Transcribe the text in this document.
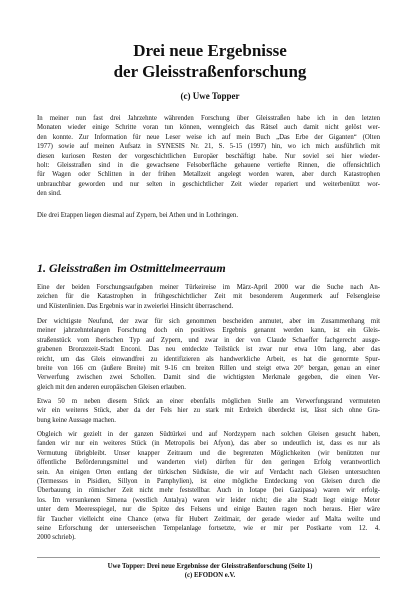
Drei neue Ergebnisse
der Gleisstraßenforschung
(c) Uwe Topper
In meiner nun fast drei Jahrzehnte währenden Forschung über Gleisstraßen habe ich in den letzten
Monaten wieder einige Schritte voran tun können, wenngleich das Rätsel auch damit nicht gelöst wer-
den konnte. Zur Information für neue Leser weise ich auf mein Buch „Das Erbe der Giganten“ (Olten
1977) sowie auf meinen Aufsatz in SYNESIS Nr. 21, S. 5-15 (1997) hin, wo ich mich ausführlich mit
diesen kuriosen Resten der vorgeschichtlichen Europäer beschäftigt habe. Nur soviel sei hier wieder-
holt: Gleisstraßen sind in die gewachsene Felsoberfläche gehauene vertiefte Rinnen, die offensichtlich
für Wagen oder Schlitten in der frühen Metallzeit angelegt worden waren, aber durch Katastrophen
unbrauchbar geworden und nur selten in geschichtlicher Zeit wieder repariert und weiterbenützt wor-
den sind.
Die drei Etappen liegen diesmal auf Zypern, bei Athen und in Lothringen.
1. Gleisstraßen im Ostmittelmeerraum
Eine der beiden Forschungsaufgaben meiner Türkeireise im März-April 2000 war die Suche nach An-
zeichen für die Katastrophen in frühgeschichtlicher Zeit mit besonderem Augenmerk auf Felsengleise
und Küstenlinien. Das Ergebnis war in zweierlei Hinsicht überraschend.
Der wichtigste Neufund, der zwar für sich genommen bescheiden anmutet, aber im Zusammenhang mit
meiner jahrzehntelangen Forschung doch ein positives Ergebnis genannt werden kann, ist ein Gleis-
straßenstück vom iberischen Typ auf Zypern, und zwar in der von Claude Schaeffer fachgerecht ausge-
grabenen Bronzezeit-Stadt Enconi. Das neu entdeckte Teilstück ist zwar nur etwa 10m lang, aber das
reicht, um das Gleis einwandfrei zu identifizieren als handwerkliche Arbeit, es hat die genormte Spur-
breite von 166 cm (äußere Breite) mit 9-16 cm breiten Rillen und steigt etwa 20° bergan, genau an einer
Verwerfung zwischen zwei Schollen. Damit sind die wichtigsten Merkmale gegeben, die einen Ver-
gleich mit den anderen europäischen Gleisen erlauben.
Etwa 50 m neben diesem Stück an einer ebenfalls möglichen Stelle am Verwerfungsrand vermuteten
wir ein weiteres Stück, aber da der Fels hier zu stark mit Erdreich überdeckt ist, lässt sich ohne Gra-
bung keine Aussage machen.
Obgleich wir gezielt in der ganzen Südtürkei und auf Nordzypern nach solchen Gleisen gesucht haben,
fanden wir nur ein weiteres Stück (in Metropolis bei Afyon), das aber so undeutlich ist, dass es nur als
Vermutung übrigbleibt. Unser knapper Zeitraum und die begrenzten Möglichkeiten (wir benützten nur
öffentliche Beförderungsmittel und wanderten viel) dürften für den geringen Erfolg verantwortlich
sein. An einigen Orten entlang der türkischen Südküste, die wir auf Verdacht nach Gleisen untersuchten
(Termessos in Pisidien, Sillyon in Pamphylien), ist eine mögliche Entdeckung von Gleisen durch die
Überbauung in römischer Zeit nicht mehr feststellbar. Auch in Iotape (bei Gazipasa) waren wir erfolg-
los. Im versunkenen Simena (westlich Antalya) waren wir leider nicht; die alte Stadt liegt einige Meter
unter dem Meeresspiegel, nur die Spitze des Felsens und einige Bauten ragen noch heraus. Hier wäre
für Taucher vielleicht eine Chance (etwa für Hubert Zeitlmair, der gerade wieder auf Malta weilte und
seine Erforschung der unterseeischen Tempelanlage fortsetzte, wie er mir per Postkarte vom 12. 4.
2000 schrieb).
Uwe Topper: Drei neue Ergebnisse der Gleisstraßenforschung (Seite 1)
(c) EFODON e.V.
